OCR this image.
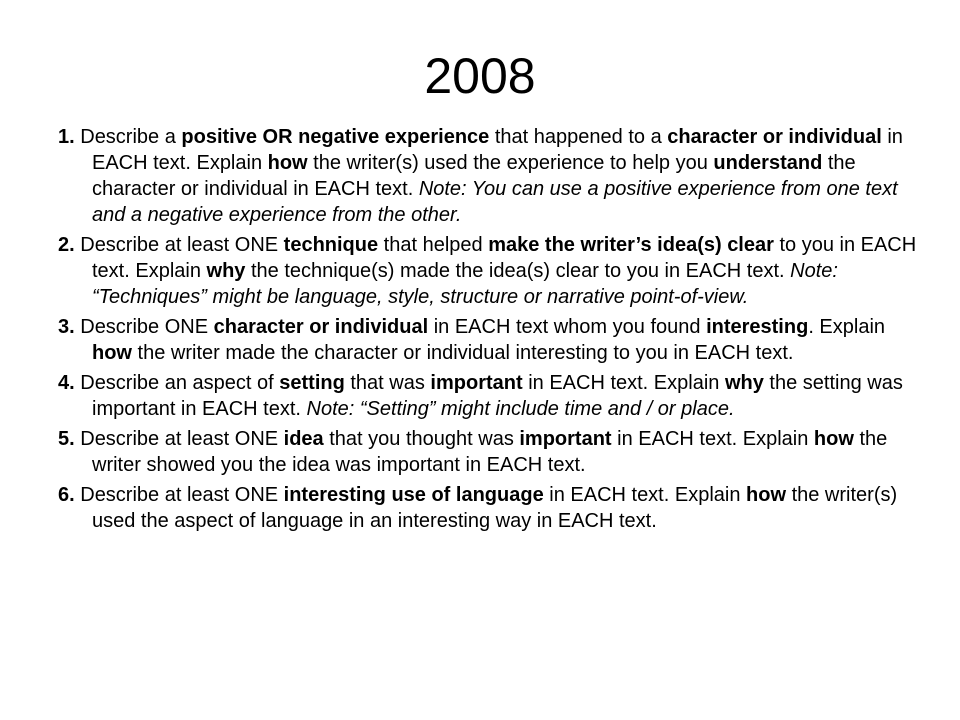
2008
1. Describe a positive OR negative experience that happened to a character or individual in EACH text. Explain how the writer(s) used the experience to help you understand the character or individual in EACH text. Note: You can use a positive experience from one text and a negative experience from the other.
2. Describe at least ONE technique that helped make the writer’s idea(s) clear to you in EACH text. Explain why the technique(s) made the idea(s) clear to you in EACH text. Note: “Techniques” might be language, style, structure or narrative point-of-view.
3. Describe ONE character or individual in EACH text whom you found interesting. Explain how the writer made the character or individual interesting to you in EACH text.
4. Describe an aspect of setting that was important in EACH text. Explain why the setting was important in EACH text. Note: “Setting” might include time and / or place.
5. Describe at least ONE idea that you thought was important in EACH text. Explain how the writer showed you the idea was important in EACH text.
6. Describe at least ONE interesting use of language in EACH text. Explain how the writer(s) used the aspect of language in an interesting way in EACH text.
